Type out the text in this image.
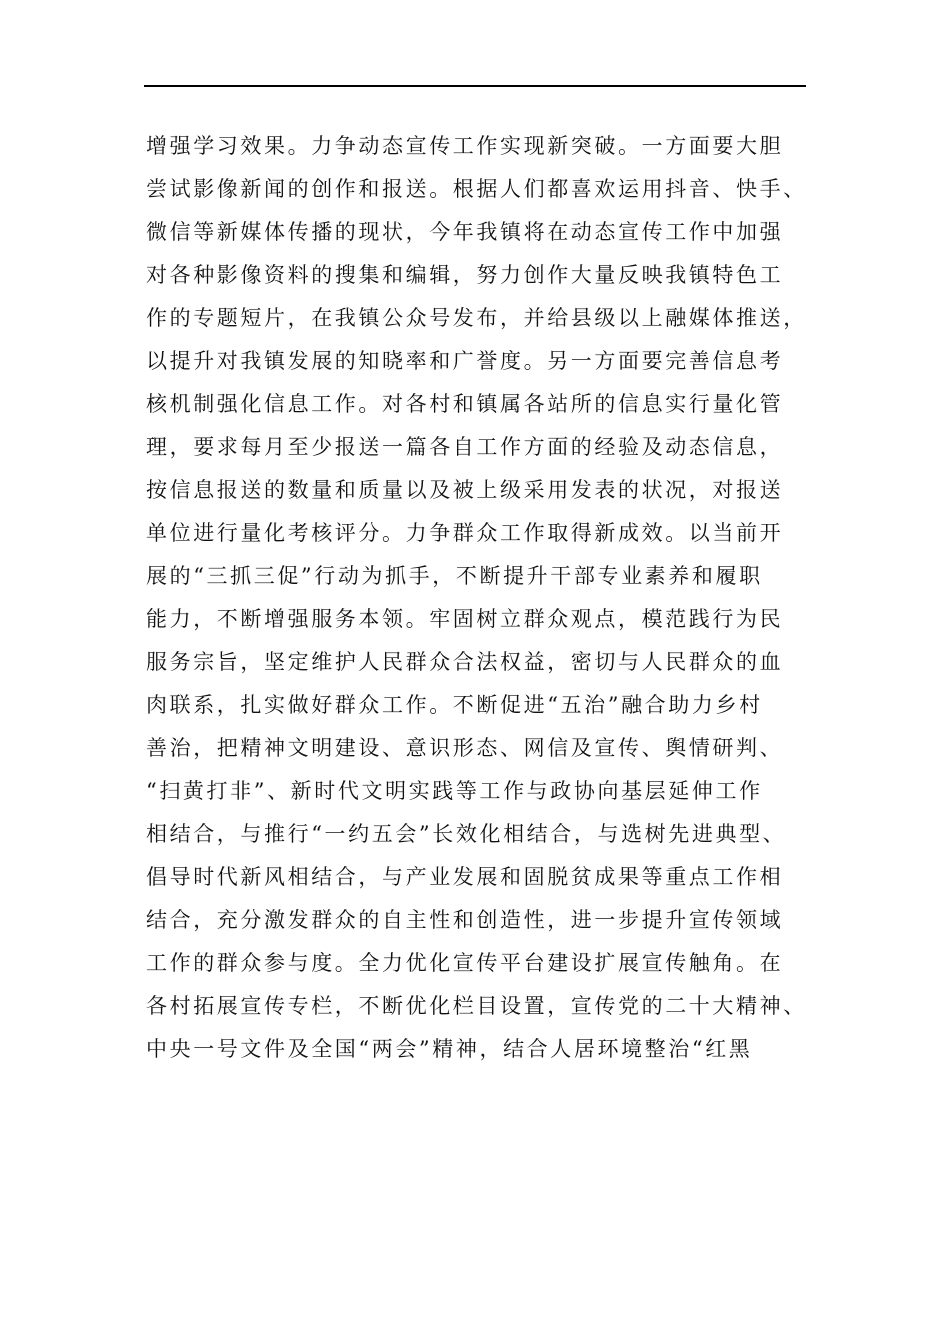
增强学习效果。力争动态宣传工作实现新突破。一方面要大胆
尝试影像新闻的创作和报送。根据人们都喜欢运用抖音、快手、
微信等新媒体传播的现状，今年我镇将在动态宣传工作中加强
对各种影像资料的搜集和编辑，努力创作大量反映我镇特色工
作的专题短片，在我镇公众号发布，并给县级以上融媒体推送，
以提升对我镇发展的知晓率和广誉度。另一方面要完善信息考
核机制强化信息工作。对各村和镇属各站所的信息实行量化管
理，要求每月至少报送一篇各自工作方面的经验及动态信息，
按信息报送的数量和质量以及被上级采用发表的状况，对报送
单位进行量化考核评分。力争群众工作取得新成效。以当前开
展的“三抓三促”行动为抓手，不断提升干部专业素养和履职
能力，不断增强服务本领。牢固树立群众观点，模范践行为民
服务宗旨，坚定维护人民群众合法权益，密切与人民群众的血
肉联系，扎实做好群众工作。不断促进“五治”融合助力乡村
善治，把精神文明建设、意识形态、网信及宣传、舆情研判、
“扫黄打非”、新时代文明实践等工作与政协向基层延伸工作
相结合，与推行“一约五会”长效化相结合，与选树先进典型、
倡导时代新风相结合，与产业发展和固脱贫成果等重点工作相
结合，充分激发群众的自主性和创造性，进一步提升宣传领域
工作的群众参与度。全力优化宣传平台建设扩展宣传触角。在
各村拓展宣传专栏，不断优化栏目设置，宣传党的二十大精神、
中央一号文件及全国“两会”精神，结合人居环境整治“红黑
